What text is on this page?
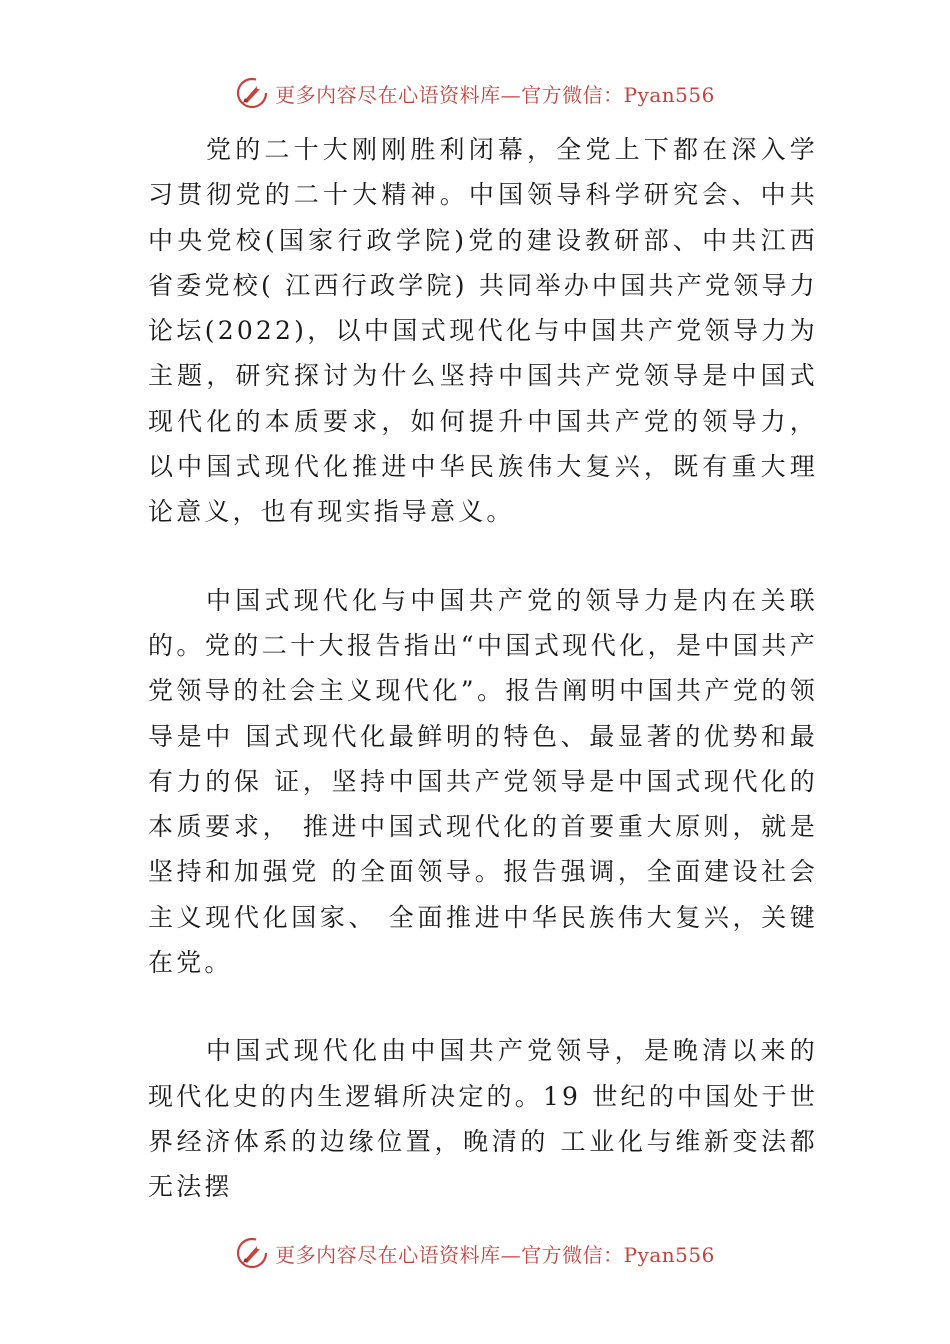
更多内容尽在心语资料库—官方微信：Pyan556

党的二十大刚刚胜利闭幕，全党上下都在深入学习贯彻党的二十大精神。中国领导科学研究会、中共中央党校(国家行政学院)党的建设教研部、中共江西省委党校( 江西行政学院) 共同举办中国共产党领导力论坛(2022)，以中国式现代化与中国共产党领导力为主题，研究探讨为什么坚持中国共产党领导是中国式现代化的本质要求，如何提升中国共产党的领导力，以中国式现代化推进中华民族伟大复兴，既有重大理论意义，也有现实指导意义。

中国式现代化与中国共产党的领导力是内在关联的。党的二十大报告指出“中国式现代化，是中国共产党领导的社会主义现代化”。报告阐明中国共产党的领导是中 国式现代化最鲜明的特色、最显著的优势和最有力的保 证，坚持中国共产党领导是中国式现代化的本质要求， 推进中国式现代化的首要重大原则，就是坚持和加强党 的全面领导。报告强调，全面建设社会主义现代化国家、 全面推进中华民族伟大复兴，关键在党。

中国式现代化由中国共产党领导，是晚清以来的现代化史的内生逻辑所决定的。19 世纪的中国处于世界经济体系的边缘位置，晚清的 工业化与维新变法都无法摆

更多内容尽在心语资料库—官方微信：Pyan556
